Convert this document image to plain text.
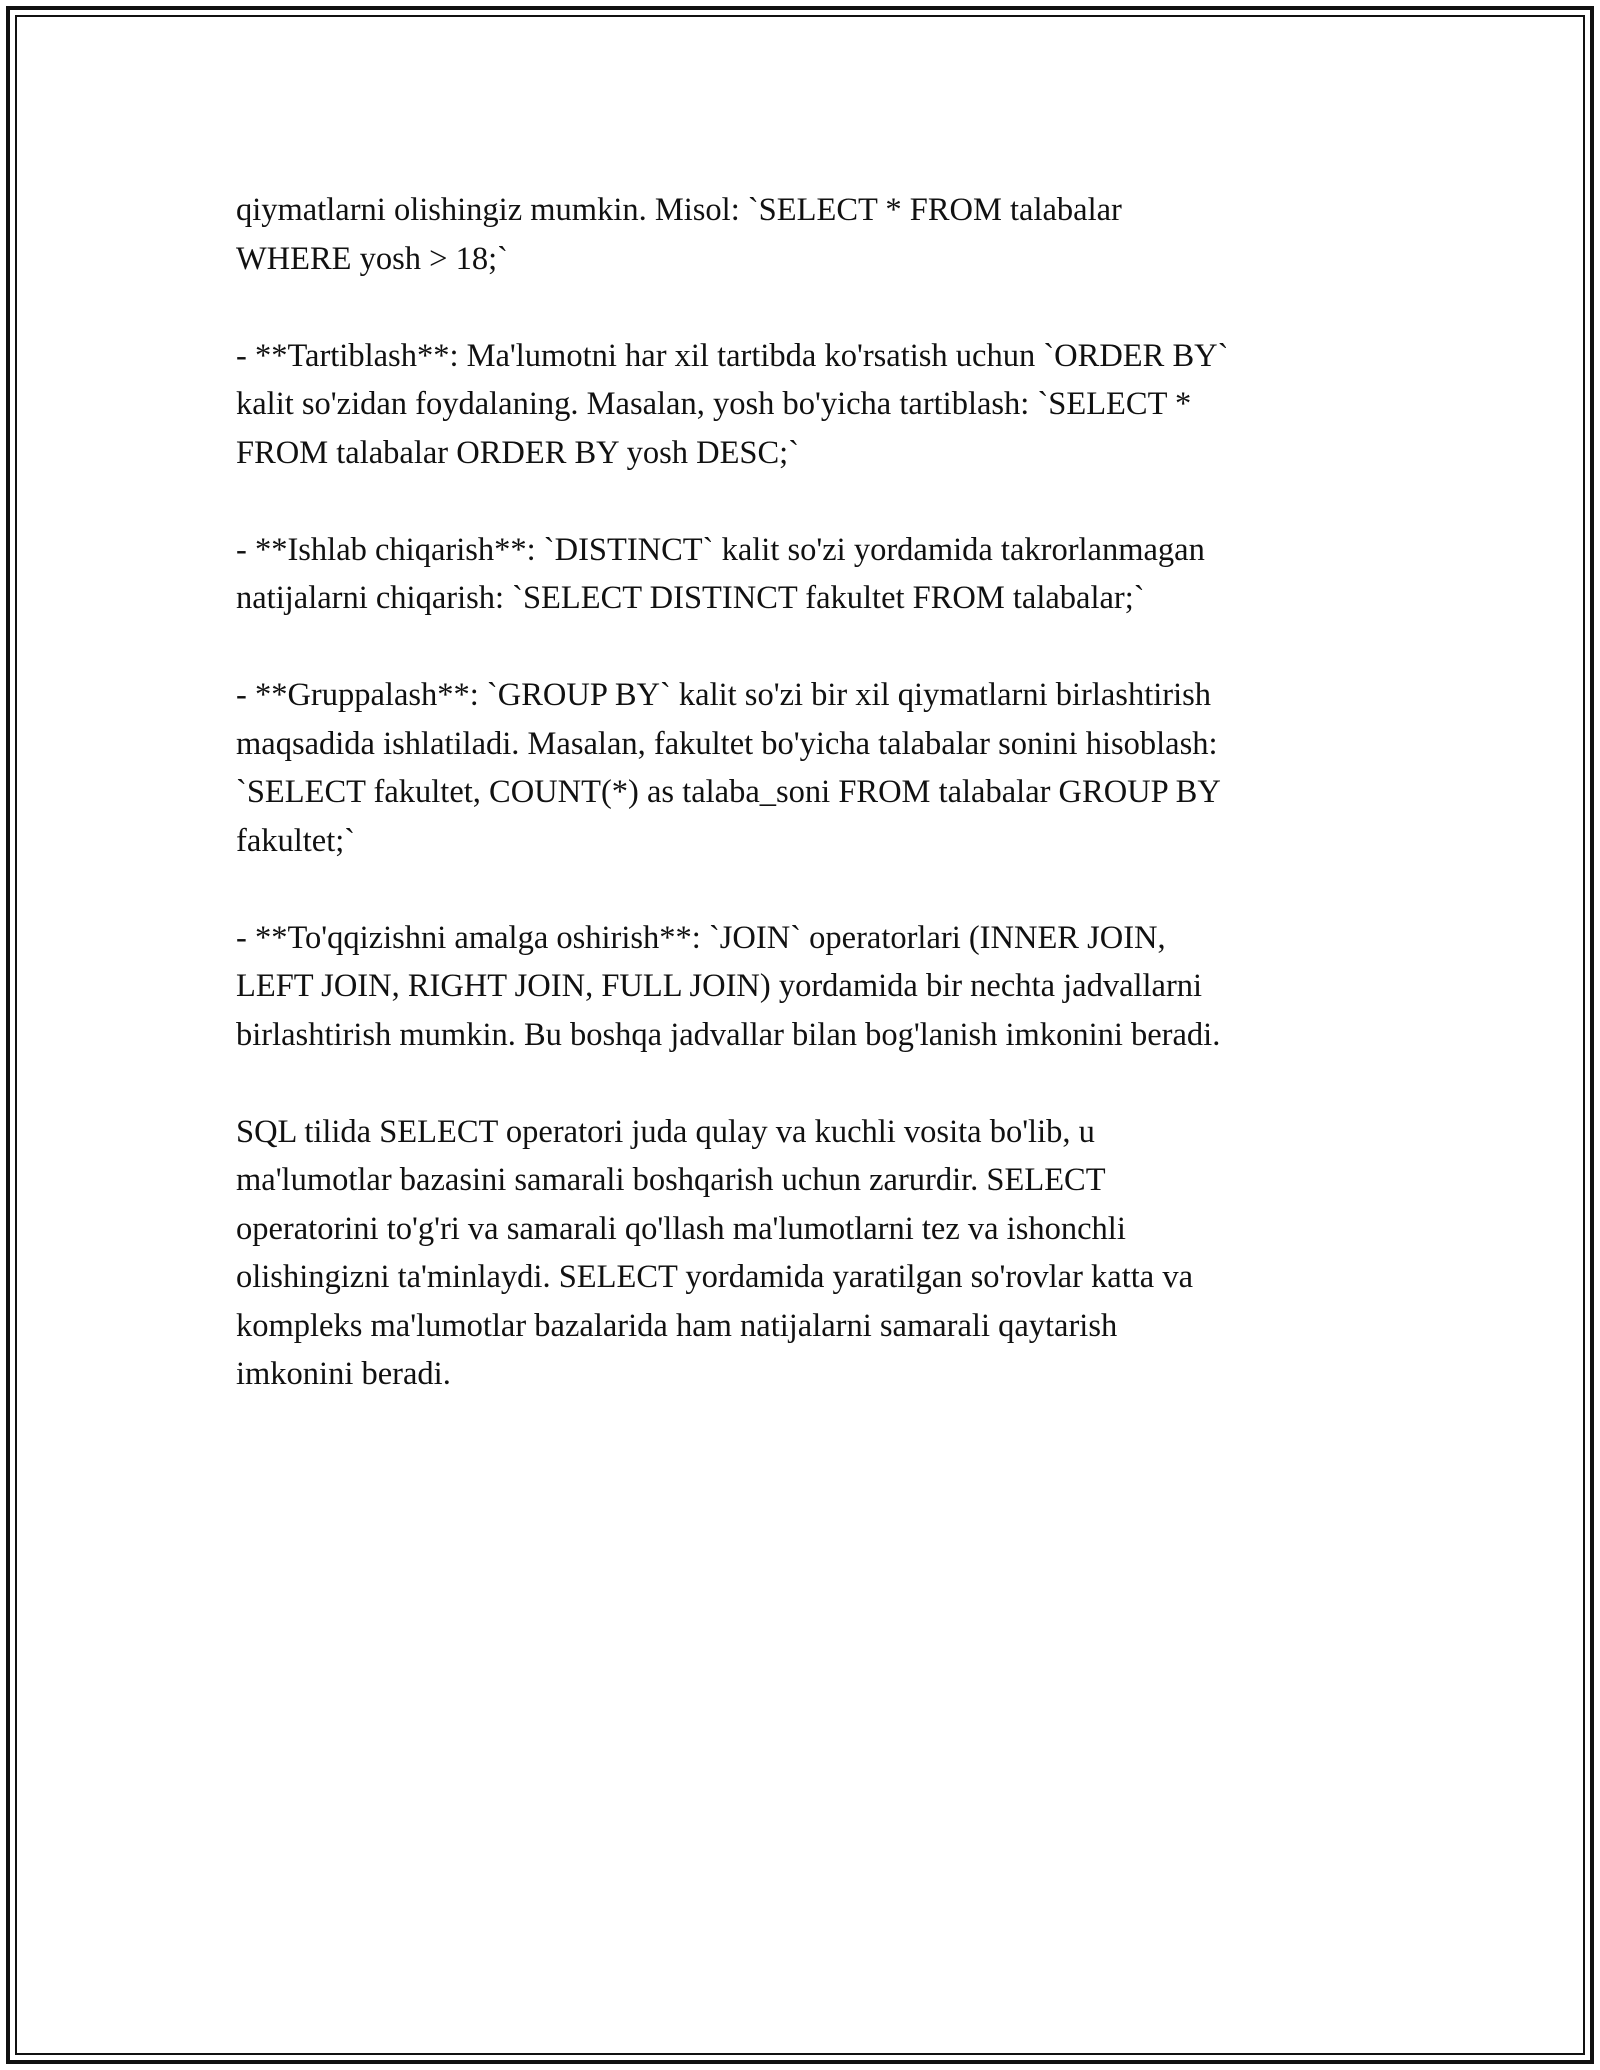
qiymatlarni olishingiz mumkin. Misol: `SELECT * FROM talabalar
WHERE yosh > 18;`

- **Tartiblash**: Ma'lumotni har xil tartibda ko'rsatish uchun `ORDER BY`
kalit so'zidan foydalaning. Masalan, yosh bo'yicha tartiblash: `SELECT *
FROM talabalar ORDER BY yosh DESC;`

- **Ishlab chiqarish**: `DISTINCT` kalit so'zi yordamida takrorlanmagan
natijalarni chiqarish: `SELECT DISTINCT fakultet FROM talabalar;`

- **Gruppalash**: `GROUP BY` kalit so'zi bir xil qiymatlarni birlashtirish
maqsadida ishlatiladi. Masalan, fakultet bo'yicha talabalar sonini hisoblash:
`SELECT fakultet, COUNT(*) as talaba_soni FROM talabalar GROUP BY
fakultet;`

- **To'qqizishni amalga oshirish**: `JOIN` operatorlari (INNER JOIN,
LEFT JOIN, RIGHT JOIN, FULL JOIN) yordamida bir nechta jadvallarni
birlashtirish mumkin. Bu boshqa jadvallar bilan bog'lanish imkonini beradi.

SQL tilida SELECT operatori juda qulay va kuchli vosita bo'lib, u
ma'lumotlar bazasini samarali boshqarish uchun zarurdir. SELECT
operatorini to'g'ri va samarali qo'llash ma'lumotlarni tez va ishonchli
olishingizni ta'minlaydi. SELECT yordamida yaratilgan so'rovlar katta va
kompleks ma'lumotlar bazalarida ham natijalarni samarali qaytarish
imkonini beradi.
